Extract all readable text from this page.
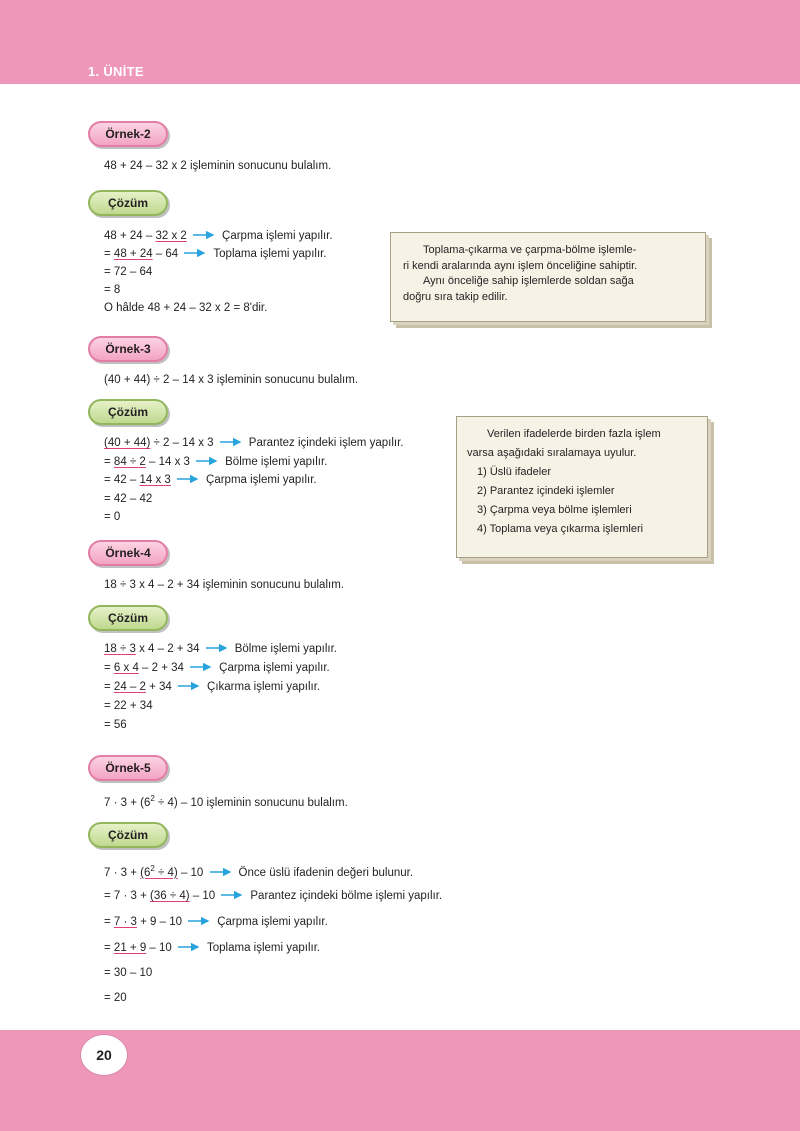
1. ÜNİTE
20
Örnek-2
48 + 24 – 32 x 2 işleminin sonucunu bulalım.
Çözüm
48 + 24 – 32 x 2	Çarpma işlemi yapılır.
= 48 + 24 – 64	Toplama işlemi yapılır.
= 72 – 64
= 8
O hâlde 48 + 24 – 32 x 2 = 8'dir.
Toplama-çıkarma ve çarpma-bölme işlemle-
ri kendi aralarında aynı işlem önceliğine sahiptir.
Aynı önceliğe sahip işlemlerde soldan sağa
doğru sıra takip edilir.
Örnek-3
(40 + 44) ÷ 2 – 14 x 3 işleminin sonucunu bulalım.
Çözüm
(40 + 44) ÷ 2 – 14 x 3	Parantez içindeki işlem yapılır.
= 84 ÷ 2 – 14 x 3	Bölme işlemi yapılır.
= 42 – 14 x 3	Çarpma işlemi yapılır.
= 42 – 42
= 0
Verilen ifadelerde birden fazla işlem
varsa aşağıdaki sıralamaya uyulur.
1) Üslü ifadeler
2) Parantez içindeki işlemler
3) Çarpma veya bölme işlemleri
4) Toplama veya çıkarma işlemleri
Örnek-4
18 ÷ 3 x 4 – 2 + 34 işleminin sonucunu bulalım.
Çözüm
18 ÷ 3 x 4 – 2 + 34	Bölme işlemi yapılır.
= 6 x 4 – 2 + 34	Çarpma işlemi yapılır.
= 24 – 2 + 34	Çıkarma işlemi yapılır.
= 22 + 34
= 56
Örnek-5
$7 \cdot 3 + (6^2 \div 4) - 10$ işleminin sonucunu bulalım.
Çözüm
$7 \cdot 3 + (6^2 \div 4) - 10$	Önce üslü ifadenin değeri bulunur.
= 7 · 3 + (36 ÷ 4) – 10	Parantez içindeki bölme işlemi yapılır.
= 7 · 3 + 9 – 10	Çarpma işlemi yapılır.
= 21 + 9 – 10	Toplama işlemi yapılır.
= 30 – 10
= 20
